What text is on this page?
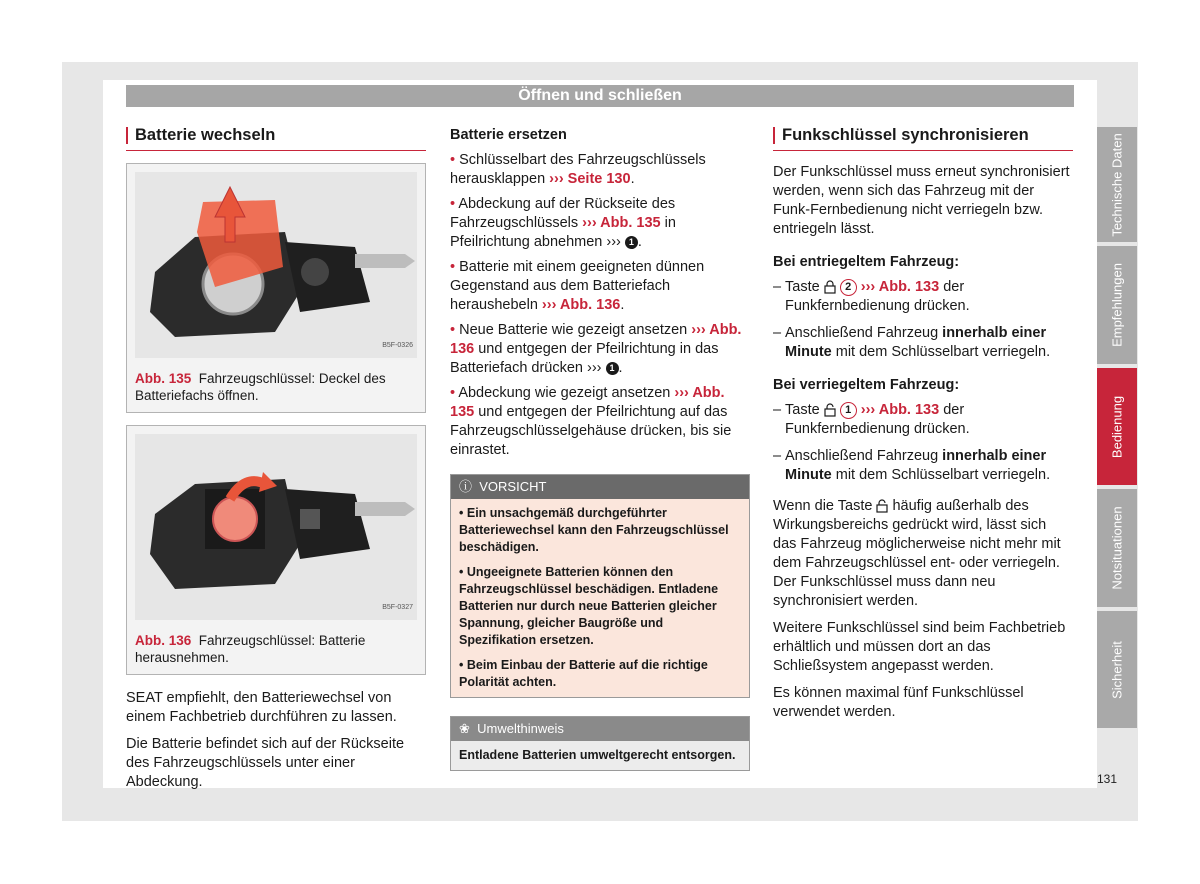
Öffnen und schließen
Technische Daten
Empfehlungen
Bedienung
Notsituationen
Sicherheit
131
Batterie wechseln
B5F-0326
Abb. 135 Fahrzeugschlüssel: Deckel des Batteriefachs öffnen.
B5F-0327
Abb. 136 Fahrzeugschlüssel: Batterie herausnehmen.

SEAT empfiehlt, den Batteriewechsel von einem Fachbetrieb durchführen zu lassen.

Die Batterie befindet sich auf der Rückseite des Fahrzeugschlüssels unter einer Abdeckung.

Batterie ersetzen
• Schlüsselbart des Fahrzeugschlüssels herausklappen ››› Seite 130.
• Abdeckung auf der Rückseite des Fahrzeugschlüssels ››› Abb. 135 in Pfeilrichtung abnehmen ››› 1 .
• Batterie mit einem geeigneten dünnen Gegenstand aus dem Batteriefach heraushebeln ››› Abb. 136.
• Neue Batterie wie gezeigt ansetzen ››› Abb. 136 und entgegen der Pfeilrichtung in das Batteriefach drücken ››› 1 .
• Abdeckung wie gezeigt ansetzen ››› Abb. 135 und entgegen der Pfeilrichtung auf das Fahrzeugschlüsselgehäuse drücken, bis sie einrastet.
ⓘ VORSICHT

• Ein unsachgemäß durchgeführter Batteriewechsel kann den Fahrzeugschlüssel beschädigen.

• Ungeeignete Batterien können den Fahrzeugschlüssel beschädigen. Entladene Batterien nur durch neue Batterien gleicher Spannung, gleicher Baugröße und Spezifikation ersetzen.

• Beim Einbau der Batterie auf die richtige Polarität achten.

❀ Umwelthinweis
Entladene Batterien umweltgerecht entsorgen.
Funkschlüssel synchronisieren

Der Funkschlüssel muss erneut synchronisiert werden, wenn sich das Fahrzeug mit der Funk-Fernbedienung nicht verriegeln bzw. entriegeln lässt.

Bei entriegeltem Fahrzeug:
– Taste 2 ››› Abb. 133 der Funkfernbedienung drücken.
– Anschließend Fahrzeug innerhalb einer Minute mit dem Schlüsselbart verriegeln.
Bei verriegeltem Fahrzeug:
– Taste 1 ››› Abb. 133 der Funkfernbedienung drücken.
– Anschließend Fahrzeug innerhalb einer Minute mit dem Schlüsselbart verriegeln.

Wenn die Taste  häufig außerhalb des Wirkungsbereichs gedrückt wird, lässt sich das Fahrzeug möglicherweise nicht mehr mit dem Fahrzeugschlüssel ent- oder verriegeln. Der Funkschlüssel muss dann neu synchronisiert werden.

Weitere Funkschlüssel sind beim Fachbetrieb erhältlich und müssen dort an das Schließsystem angepasst werden.

Es können maximal fünf Funkschlüssel verwendet werden.
